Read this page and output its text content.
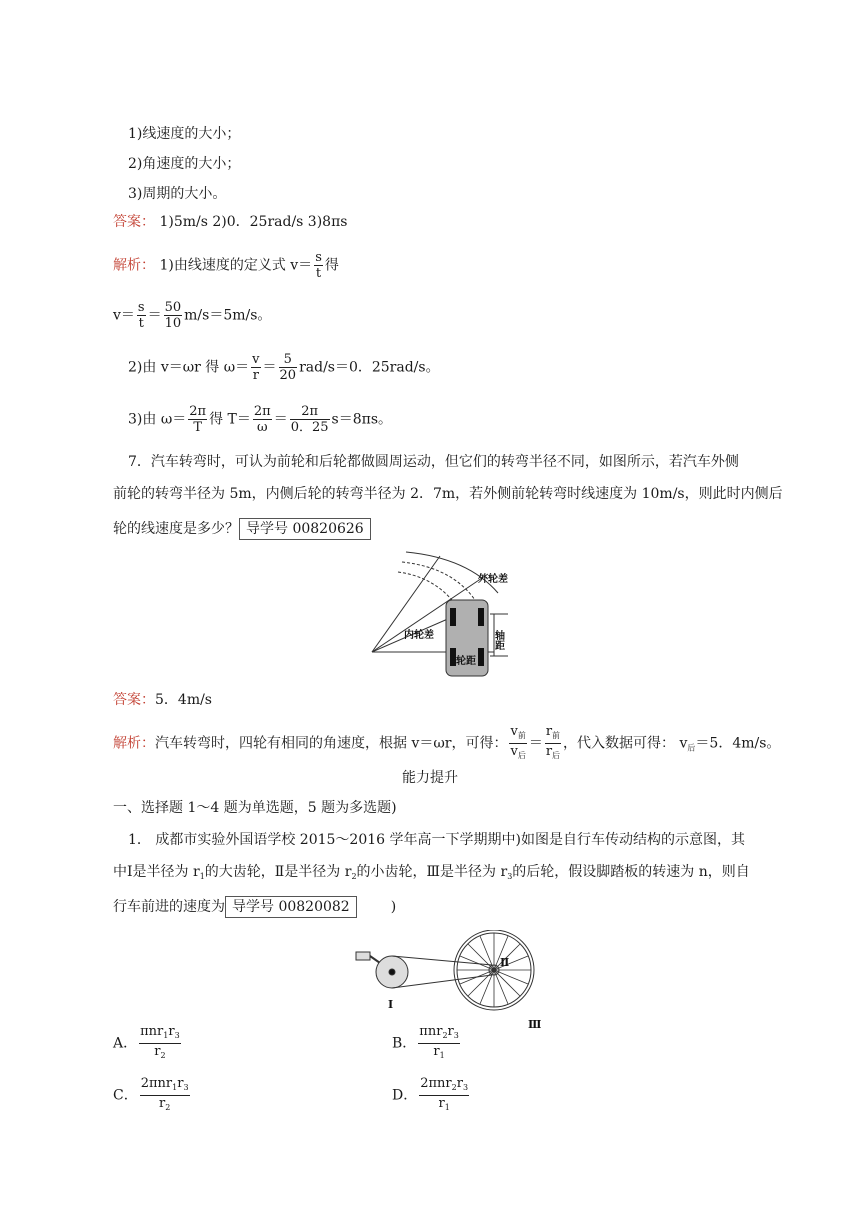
1)线速度的大小；
2)角速度的大小；
3)周期的大小。
答案： 1)5m/s 2)0．25rad/s 3)8πs
解析： 1)由线速度的定义式 $v= \frac{s}{t}$ 得
$v= \frac{s}{t} = \frac{50}{10} m/s=5m/s$。
2)由 v＝ωr 得 $\omega= \frac{v}{r} = \frac{5}{20} rad/s=0$．25rad/s。
3)由 $\omega= \frac{2\pi}{T}$ 得 $T= \frac{2\pi}{\omega} = \frac{2\pi}{0.25} s=8\pi s$。
7．汽车转弯时，可认为前轮和后轮都做圆周运动，但它们的转弯半径不同，如图所示，若汽车外侧
前轮的转弯半径为 5m，内侧后轮的转弯半径为 2．7m，若外侧前轮转弯时线速度为 10m/s，则此时内侧后
轮的线速度是多少？ 导学号 00820626
外轮差
内轮差	轴距
轮距
答案：5．4m/s
解析：汽车转弯时，四轮有相同的角速度，根据 v＝ωr，可得： $\frac{v_前}{v_后} = \frac{r_前}{r_后}$ ，代入数据可得： $v_后=5$．4m/s。
能力提升
一、选择题 1～4 题为单选题，5 题为多选题)
1． 成都市实验外国语学校 2015～2016 学年高一下学期期中)如图是自行车传动结构的示意图，其
中Ⅰ是半径为 $r_1$的大齿轮，Ⅱ是半径为 $r_2$的小齿轮，Ⅲ是半径为 $r_3$的后轮，假设脚踏板的转速为 n，则自
行车前进的速度为 导学号 00820082	)
Ⅰ
Ⅱ
Ⅲ
A． $\frac{\pi nr_1r_3}{r_2}$	B． $\frac{\pi nr_2r_3}{r_1}$
C． $\frac{2\pi nr_1r_3}{r_2}$	D． $\frac{2\pi nr_2r_3}{r_1}$
